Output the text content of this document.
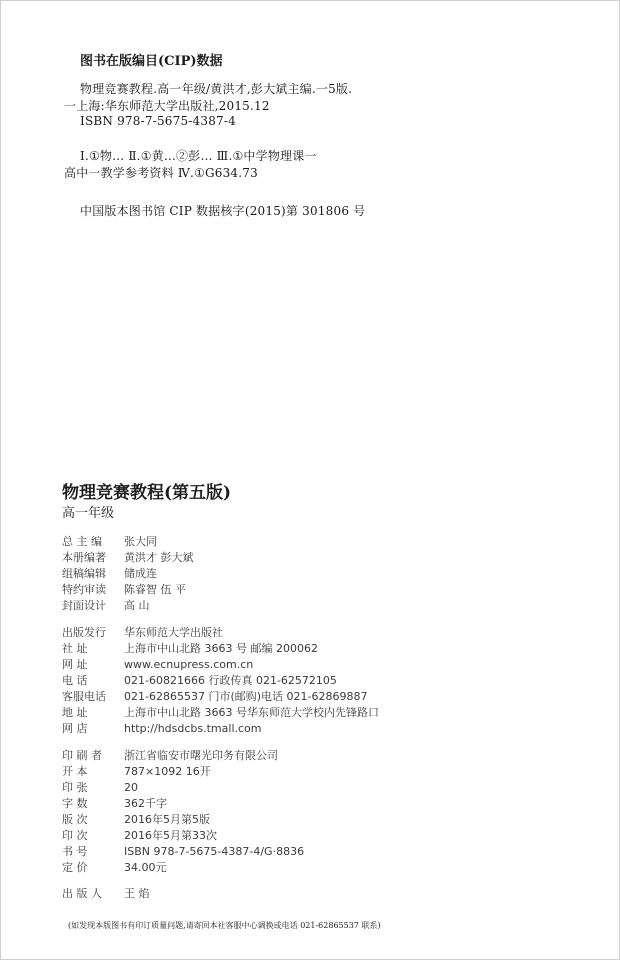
图书在版编目(CIP)数据
物理竞赛教程.高一年级/黄洪才,彭大斌主编.一5版.
一上海:华东师范大学出版社,2015.12
ISBN 978-7-5675-4387-4
Ⅰ.①物… Ⅱ.①黄…②彭… Ⅲ.①中学物理课一
高中一教学参考资料 Ⅳ.①G634.73
中国版本图书馆 CIP 数据核字(2015)第 301806 号
物理竞赛教程(第五版)
高一年级
总 主 编 张大同
本册编著 黄洪才 彭大斌
组稿编辑 储成连
特约审读 陈睿智 伍 平
封面设计 高 山
出版发行 华东师范大学出版社
社 址	上海市中山北路 3663 号 邮编 200062
网 址	www.ecnupress.com.cn
电 话	021-60821666 行政传真 021-62572105
客服电话 021-62865537 门市(邮购)电话 021-62869887
地 址	上海市中山北路 3663 号华东师范大学校内先锋路口
网 店	http://hdsdcbs.tmall.com
印 刷 者 浙江省临安市曙光印务有限公司
开 本	787×1092 16开
印 张	20
字 数	362千字
版 次	2016年5月第5版
印 次	2016年5月第33次
书 号	ISBN 978-7-5675-4387-4/G·8836
定 价	34.00元
出 版 人 王 焰
(如发现本版图书有印订质量问题,请寄回本社客服中心调换或电话 021-62865537 联系)
